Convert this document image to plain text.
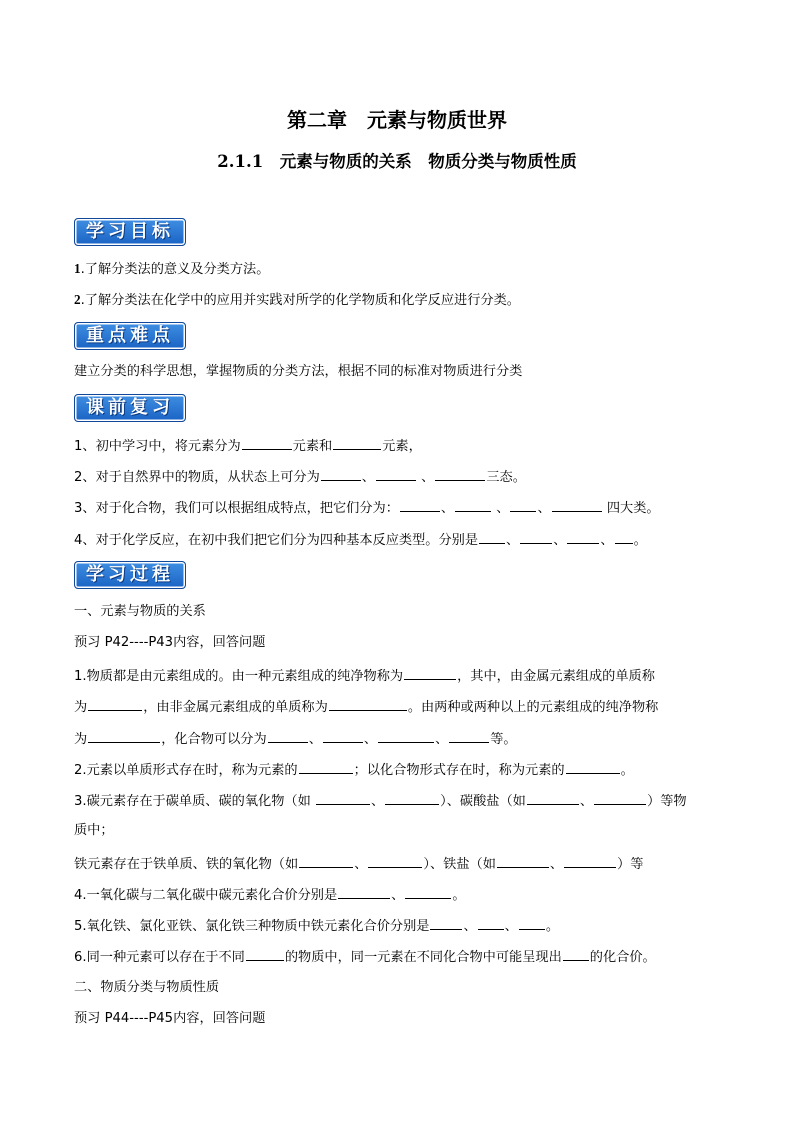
第二章　元素与物质世界
2.1.1　元素与物质的关系　物质分类与物质性质
学习目标
1.了解分类法的意义及分类方法。
2.了解分类法在化学中的应用并实践对所学的化学物质和化学反应进行分类。
重点难点
建立分类的科学思想，掌握物质的分类方法，根据不同的标准对物质进行分类
课前复习
1、初中学习中，将元素分为	元素和	元素，
2、对于自然界中的物质，从状态上可分为	、	、	三态。
3、对于化合物，我们可以根据组成特点，把它们分为：	、	、 、	四大类。
4、对于化学反应，在初中我们把它们分为四种基本反应类型。分别是 、	、	、 。
学习过程
一、元素与物质的关系
预习 P42----P43内容，回答问题
1.物质都是由元素组成的。由一种元素组成的纯净物称为	，其中，由金属元素组成的单质称
为	，由非金属元素组成的单质称为	。由两种或两种以上的元素组成的纯净物称
为	，化合物可以分为	、	、	、	等。
2.元素以单质形式存在时，称为元素的	；以化合物形式存在时，称为元素的	。
3.碳元素存在于碳单质、碳的氧化物（如	、	）、碳酸盐（如	、	）等物
质中；
铁元素存在于铁单质、铁的氧化物（如	、	）、铁盐（如	、	）等
4.一氧化碳与二氧化碳中碳元素化合价分别是	、	。
5.氧化铁、氯化亚铁、氯化铁三种物质中铁元素化合价分别是	、 、 。
6.同一种元素可以存在于不同	的物质中，同一元素在不同化合物中可能呈现出 的化合价。
二、物质分类与物质性质
预习 P44----P45内容，回答问题
